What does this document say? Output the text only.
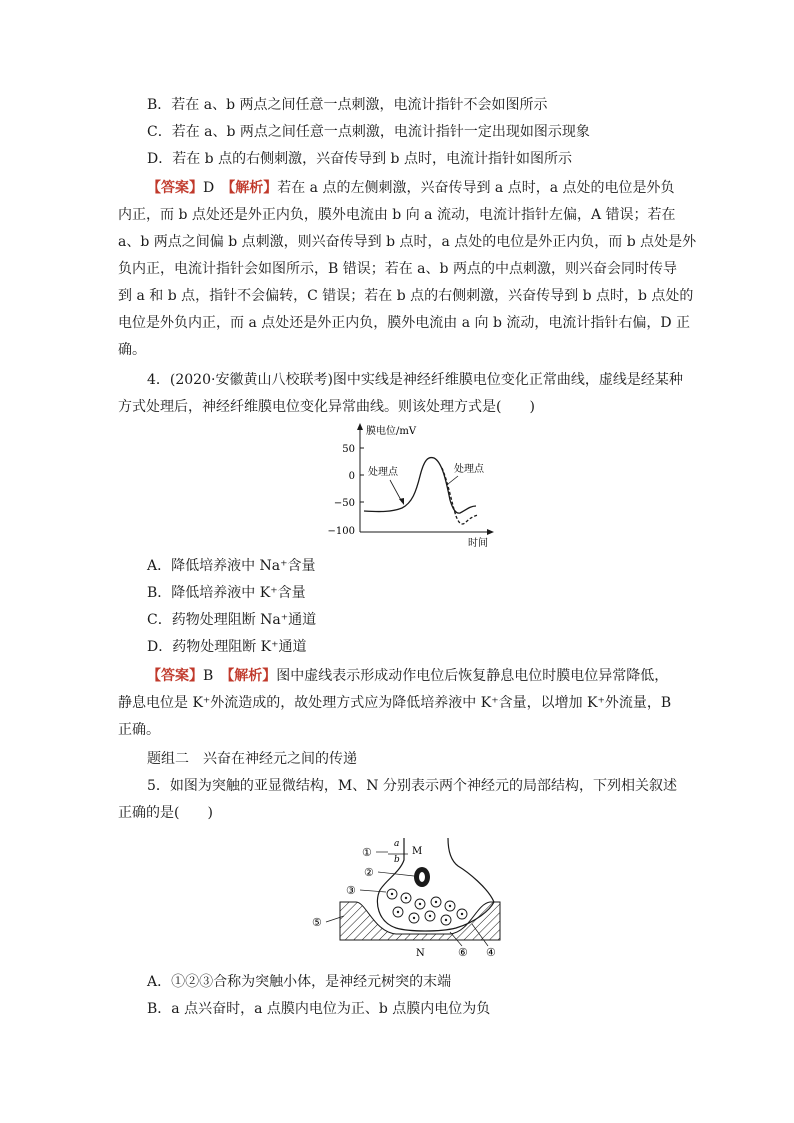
B．若在 a、b 两点之间任意一点刺激，电流计指针不会如图所示
C．若在 a、b 两点之间任意一点刺激，电流计指针一定出现如图示现象
D．若在 b 点的右侧刺激，兴奋传导到 b 点时，电流计指针如图所示
【答案】D　 【解析】若在 a 点的左侧刺激，兴奋传导到 a 点时，a 点处的电位是外负
内正，而 b 点处还是外正内负，膜外电流由 b 向 a 流动，电流计指针左偏，A 错误；若在
a、b 两点之间偏 b 点刺激，则兴奋传导到 b 点时，a 点处的电位是外正内负，而 b 点处是外
负内正，电流计指针会如图所示，B 错误；若在 a、b 两点的中点刺激，则兴奋会同时传导
到 a 和 b 点，指针不会偏转，C 错误；若在 b 点的右侧刺激，兴奋传导到 b 点时，b 点处的
电位是外负内正，而 a 点处还是外正内负，膜外电流由 a 向 b 流动，电流计指针右偏，D 正
确。
4．(2020·安徽黄山八校联考)图中实线是神经纤维膜电位变化正常曲线，虚线是经某种
方式处理后，神经纤维膜电位变化异常曲线。则该处理方式是(　　)
50
0
−50
−100
膜电位/mV
时间
处理点	处理点
A．降低培养液中 Na⁺含量
B．降低培养液中 K⁺含量
C．药物处理阻断 Na⁺通道
D．药物处理阻断 K⁺通道
【答案】B　 【解析】图中虚线表示形成动作电位后恢复静息电位时膜电位异常降低，
静息电位是 K⁺外流造成的，故处理方式应为降低培养液中 K⁺含量，以增加 K⁺外流量，B
正确。
题组二　兴奋在神经元之间的传递
5．如图为突触的亚显微结构，M、N 分别表示两个神经元的局部结构，下列相关叙述
正确的是(　　)
a
b
M
①
②
③
⑤
④
⑥
N
A．①②③合称为突触小体，是神经元树突的末端
B．a 点兴奋时，a 点膜内电位为正、b 点膜内电位为负
